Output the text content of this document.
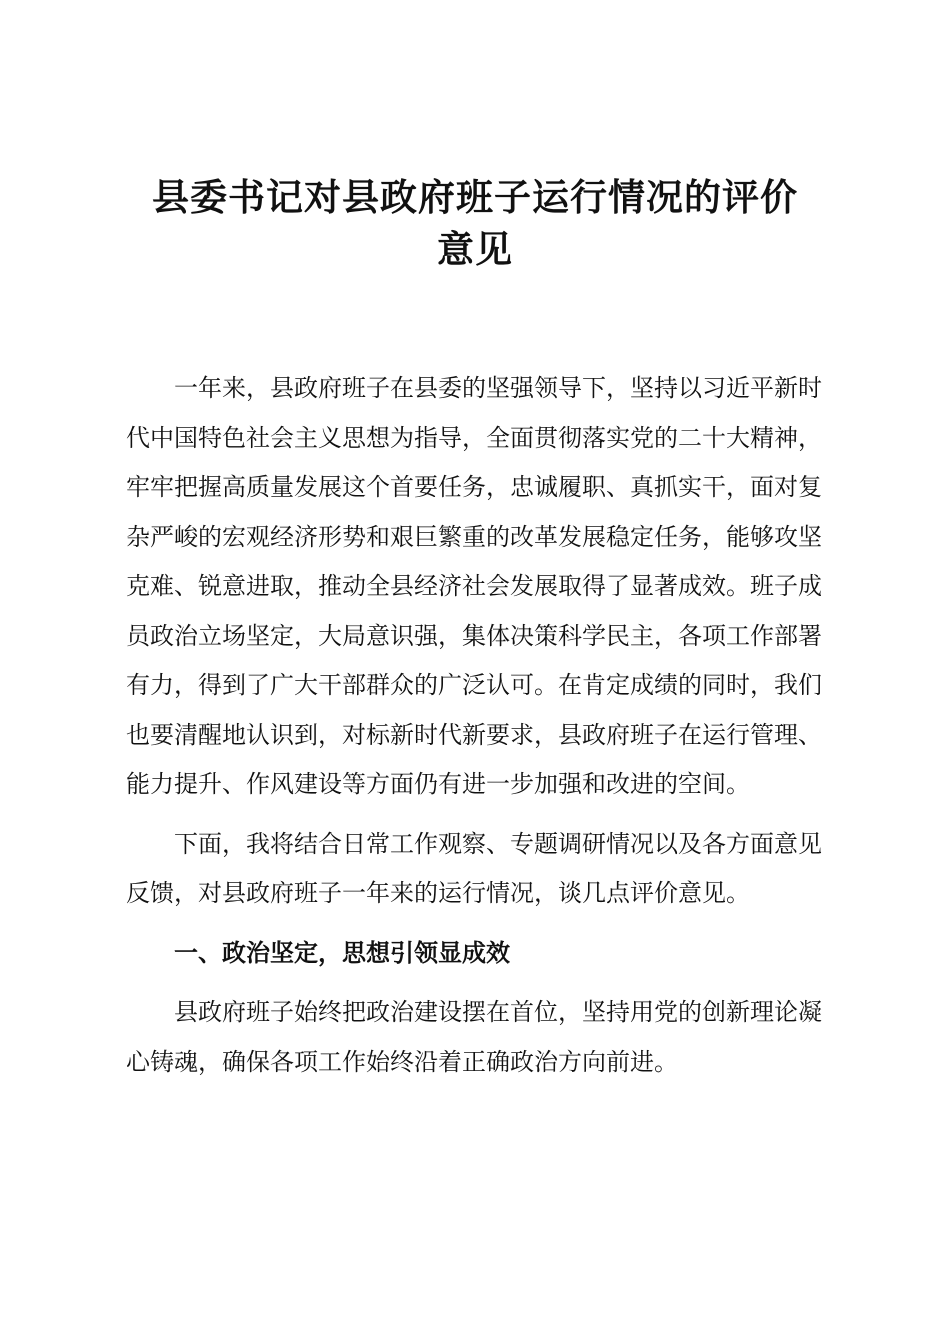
县委书记对县政府班子运行情况的评价意见

一年来，县政府班子在县委的坚强领导下，坚持以习近平新时代中国特色社会主义思想为指导，全面贯彻落实党的二十大精神，牢牢把握高质量发展这个首要任务，忠诚履职、真抓实干，面对复杂严峻的宏观经济形势和艰巨繁重的改革发展稳定任务，能够攻坚克难、锐意进取，推动全县经济社会发展取得了显著成效。班子成员政治立场坚定，大局意识强，集体决策科学民主，各项工作部署有力，得到了广大干部群众的广泛认可。在肯定成绩的同时，我们也要清醒地认识到，对标新时代新要求，县政府班子在运行管理、能力提升、作风建设等方面仍有进一步加强和改进的空间。

下面，我将结合日常工作观察、专题调研情况以及各方面意见反馈，对县政府班子一年来的运行情况，谈几点评价意见。

一、政治坚定，思想引领显成效

县政府班子始终把政治建设摆在首位，坚持用党的创新理论凝心铸魂，确保各项工作始终沿着正确政治方向前进。
